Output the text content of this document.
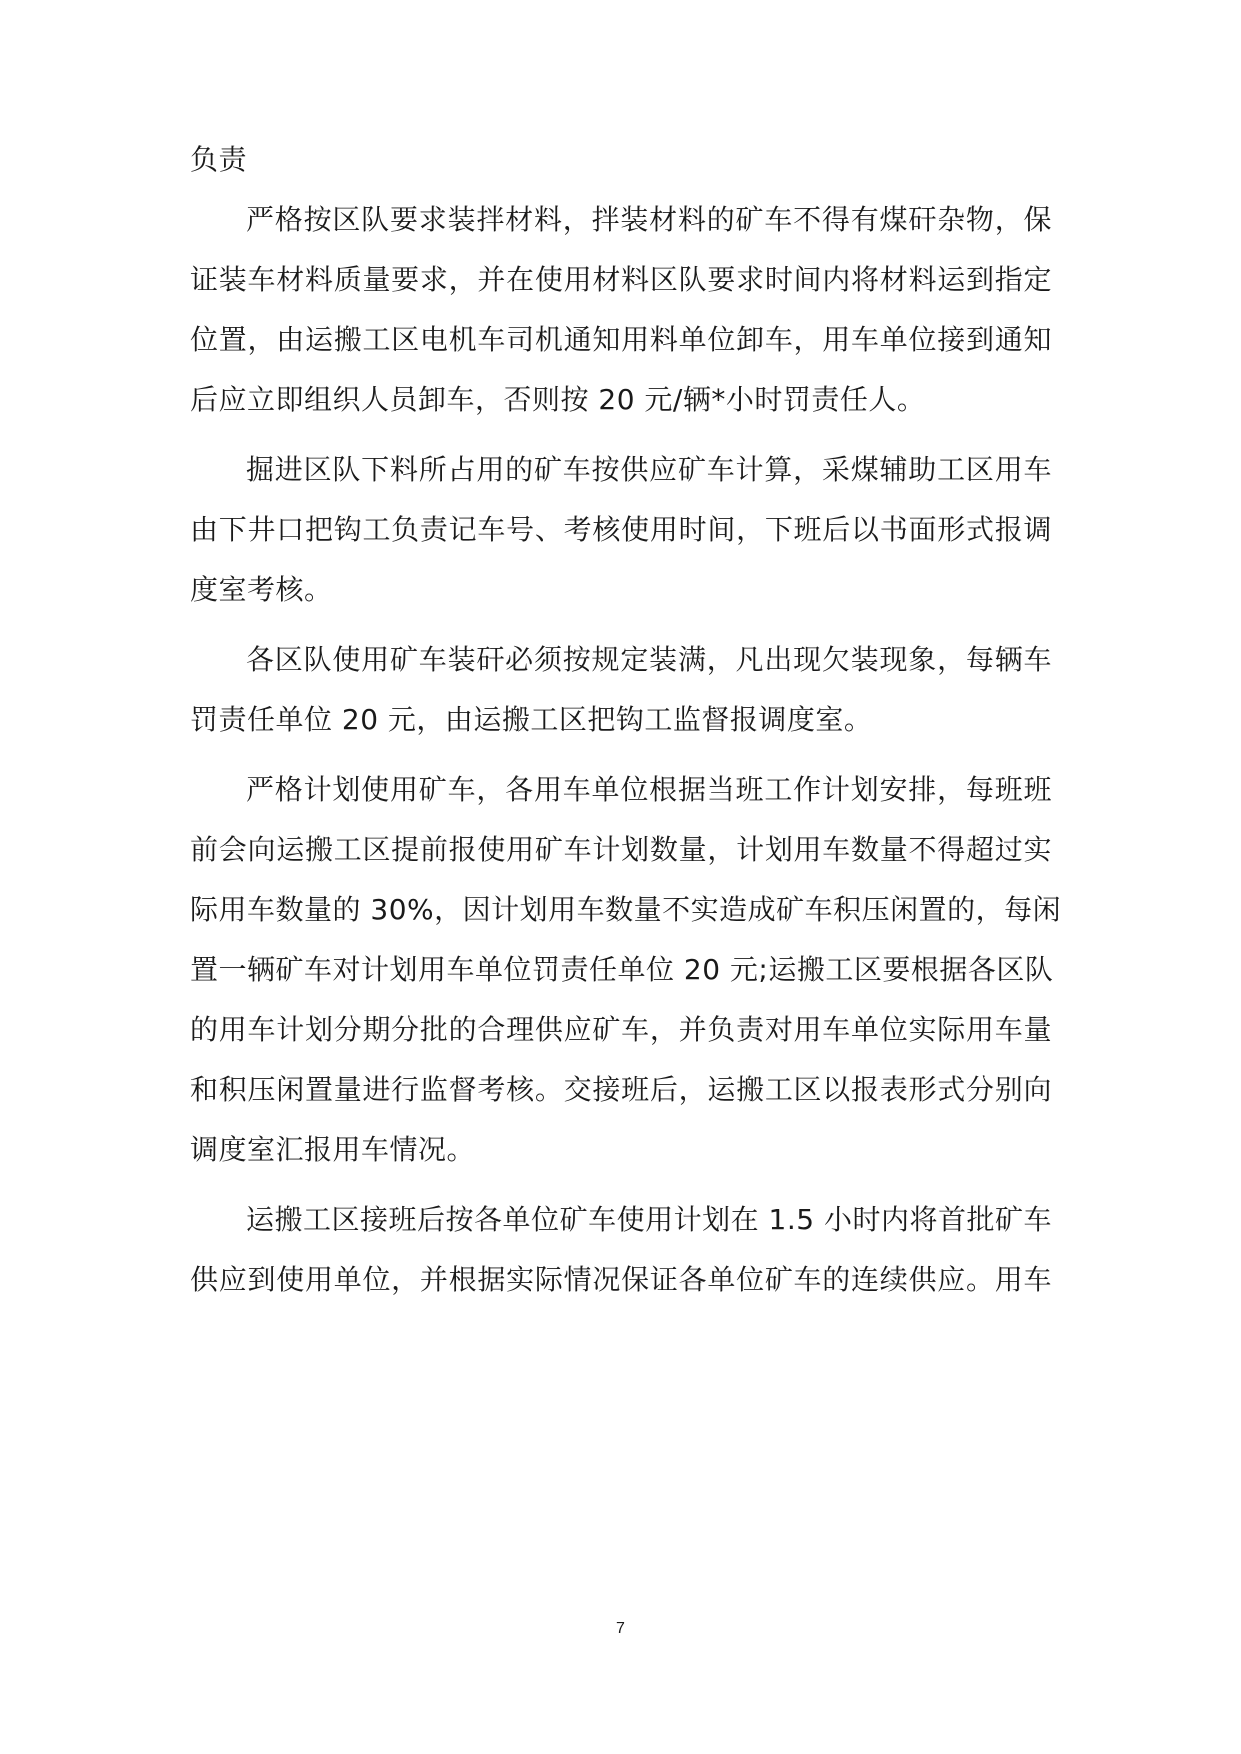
负责
严格按区队要求装拌材料，拌装材料的矿车不得有煤矸杂物，保
证装车材料质量要求，并在使用材料区队要求时间内将材料运到指定
位置，由运搬工区电机车司机通知用料单位卸车，用车单位接到通知
后应立即组织人员卸车，否则按 20 元/辆*小时罚责任人。
掘进区队下料所占用的矿车按供应矿车计算，采煤辅助工区用车
由下井口把钩工负责记车号、考核使用时间，下班后以书面形式报调
度室考核。
各区队使用矿车装矸必须按规定装满，凡出现欠装现象，每辆车
罚责任单位 20 元，由运搬工区把钩工监督报调度室。
严格计划使用矿车，各用车单位根据当班工作计划安排，每班班
前会向运搬工区提前报使用矿车计划数量，计划用车数量不得超过实
际用车数量的 30%，因计划用车数量不实造成矿车积压闲置的，每闲
置一辆矿车对计划用车单位罚责任单位 20 元;运搬工区要根据各区队
的用车计划分期分批的合理供应矿车，并负责对用车单位实际用车量
和积压闲置量进行监督考核。交接班后，运搬工区以报表形式分别向
调度室汇报用车情况。
运搬工区接班后按各单位矿车使用计划在 1.5 小时内将首批矿车
供应到使用单位，并根据实际情况保证各单位矿车的连续供应。用车
7
